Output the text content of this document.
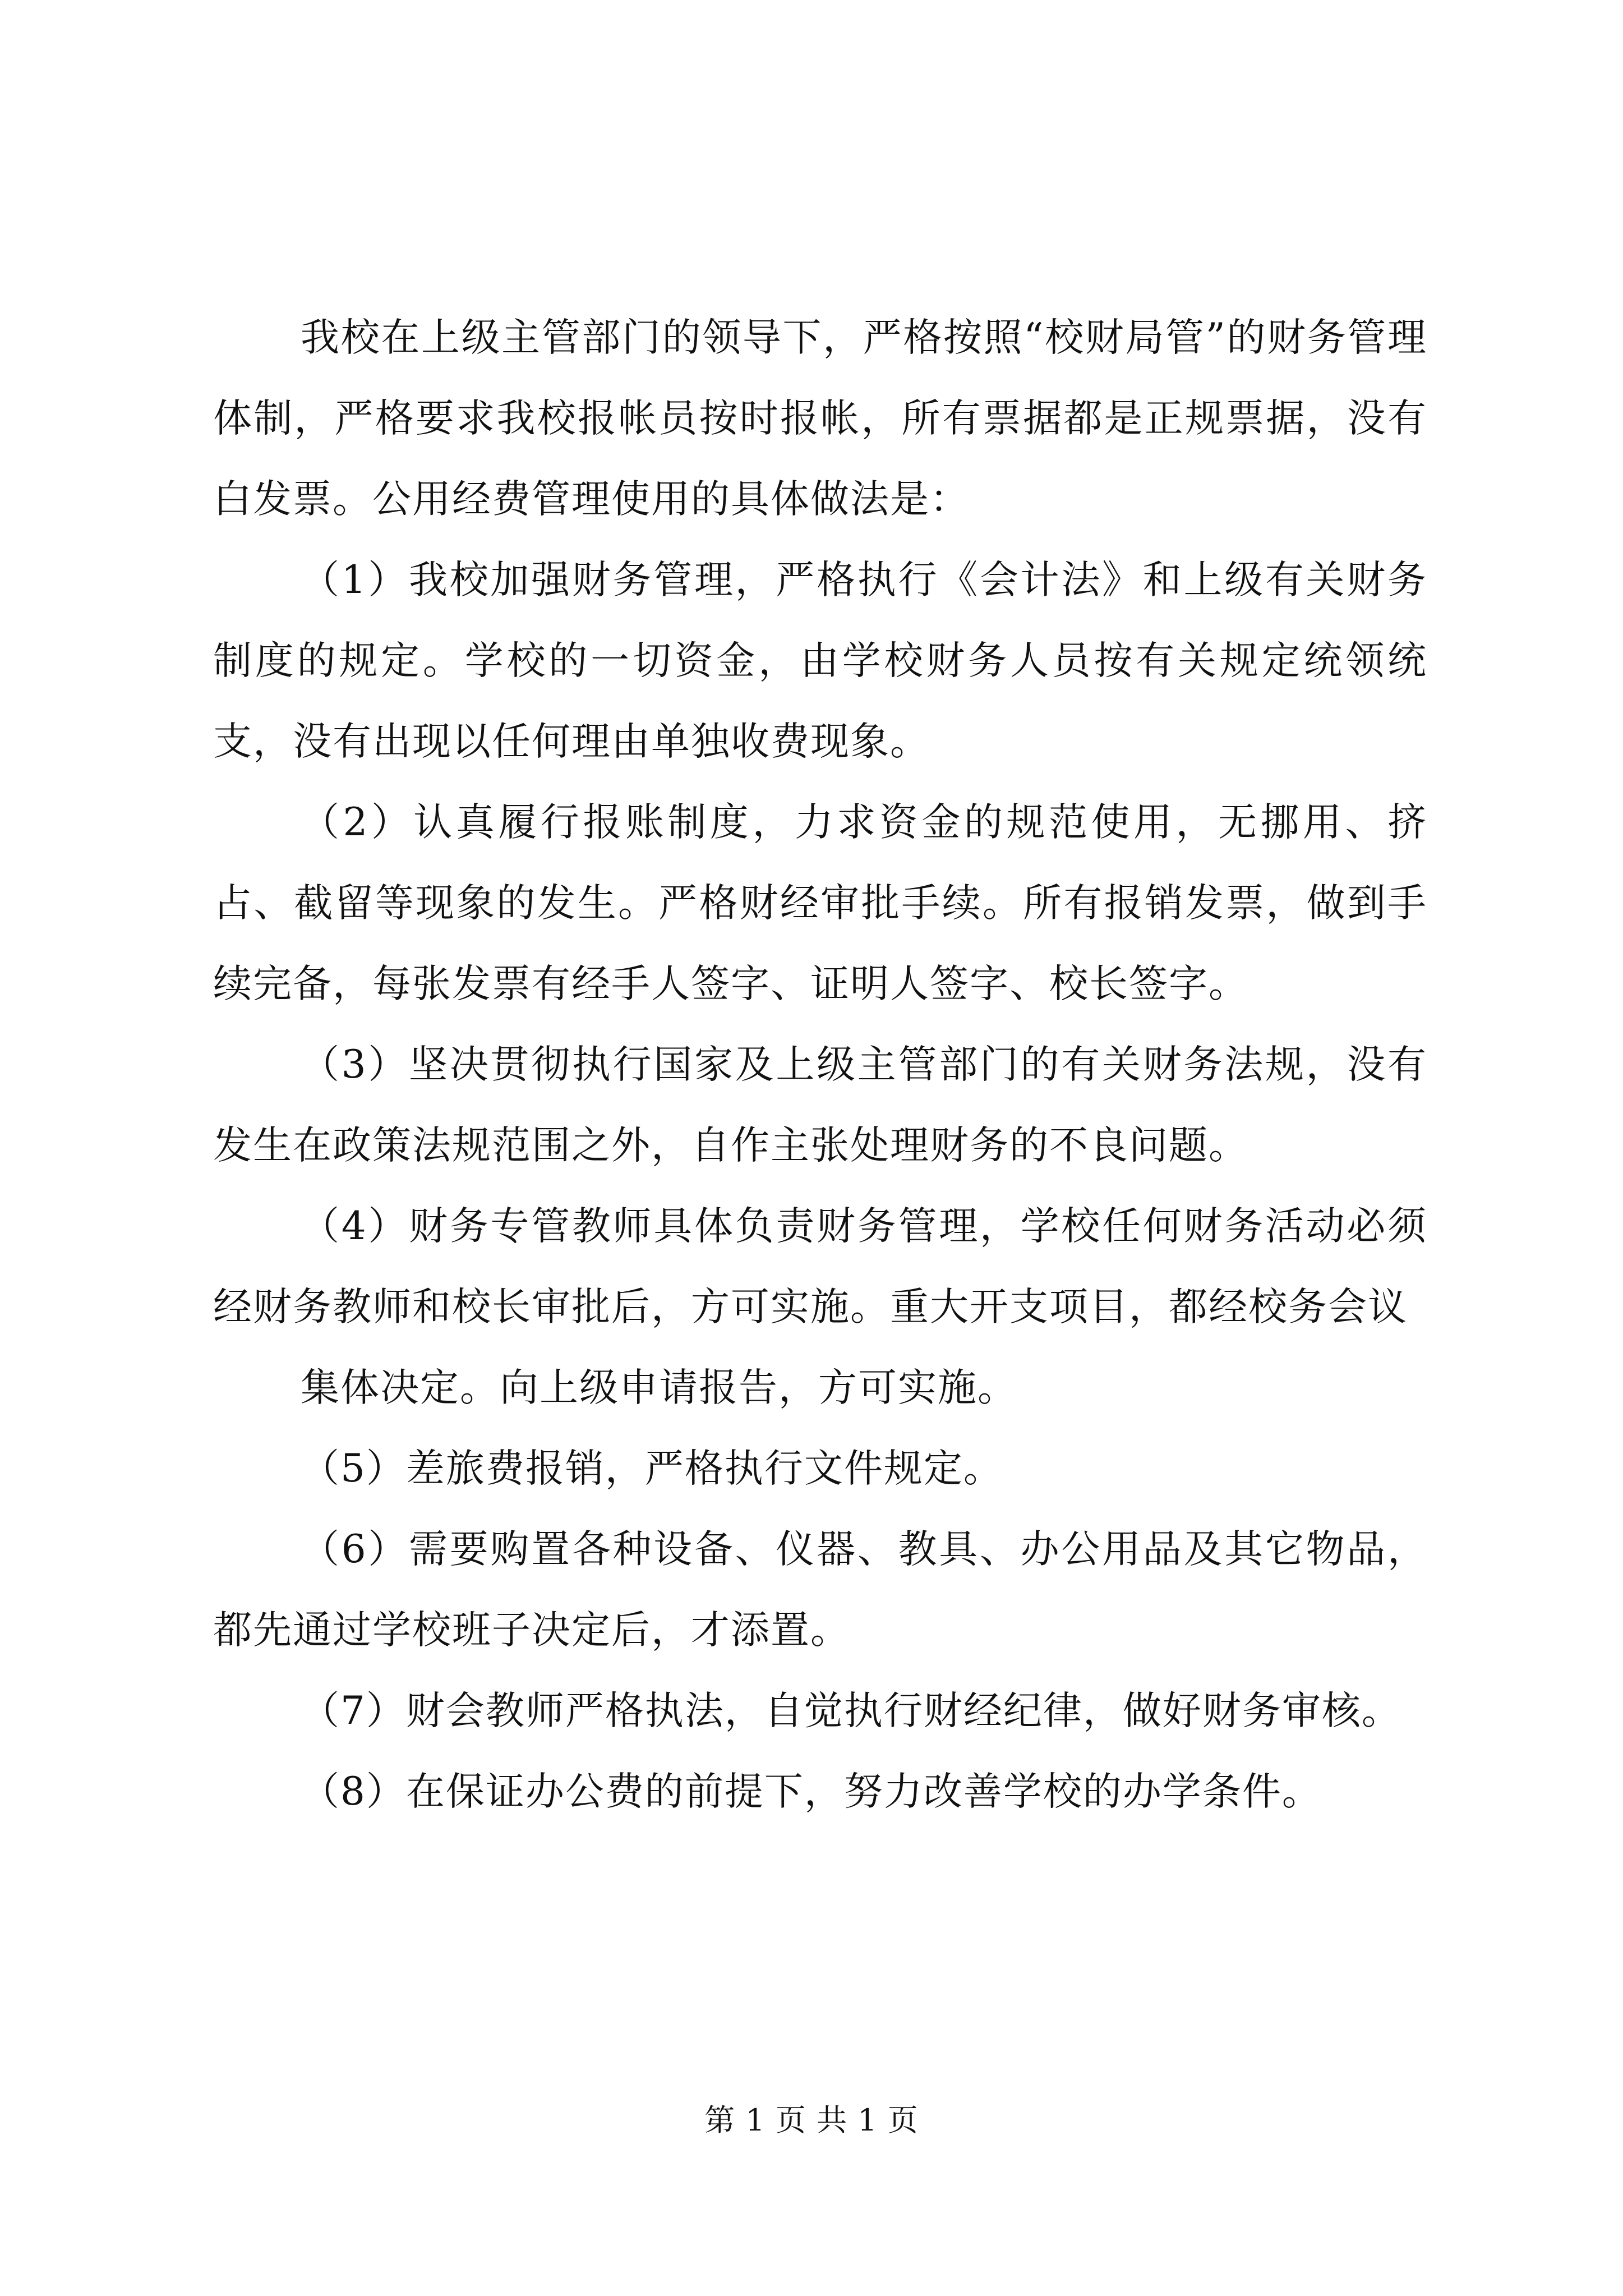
我校在上级主管部门的领导下，严格按照“校财局管”的财务管理体制，严格要求我校报帐员按时报帐，所有票据都是正规票据，没有白发票。公用经费管理使用的具体做法是：

（1）我校加强财务管理，严格执行《会计法》和上级有关财务制度的规定。学校的一切资金，由学校财务人员按有关规定统领统支，没有出现以任何理由单独收费现象。

（2）认真履行报账制度，力求资金的规范使用，无挪用、挤占、截留等现象的发生。严格财经审批手续。所有报销发票，做到手续完备，每张发票有经手人签字、证明人签字、校长签字。

（3）坚决贯彻执行国家及上级主管部门的有关财务法规，没有发生在政策法规范围之外，自作主张处理财务的不良问题。

（4）财务专管教师具体负责财务管理，学校任何财务活动必须经财务教师和校长审批后，方可实施。重大开支项目，都经校务会议

集体决定。向上级申请报告，方可实施。

（5）差旅费报销，严格执行文件规定。

（6）需要购置各种设备、仪器、教具、办公用品及其它物品，都先通过学校班子决定后，才添置。

（7）财会教师严格执法，自觉执行财经纪律，做好财务审核。

（8）在保证办公费的前提下，努力改善学校的办学条件。

第 1 页 共 1 页
